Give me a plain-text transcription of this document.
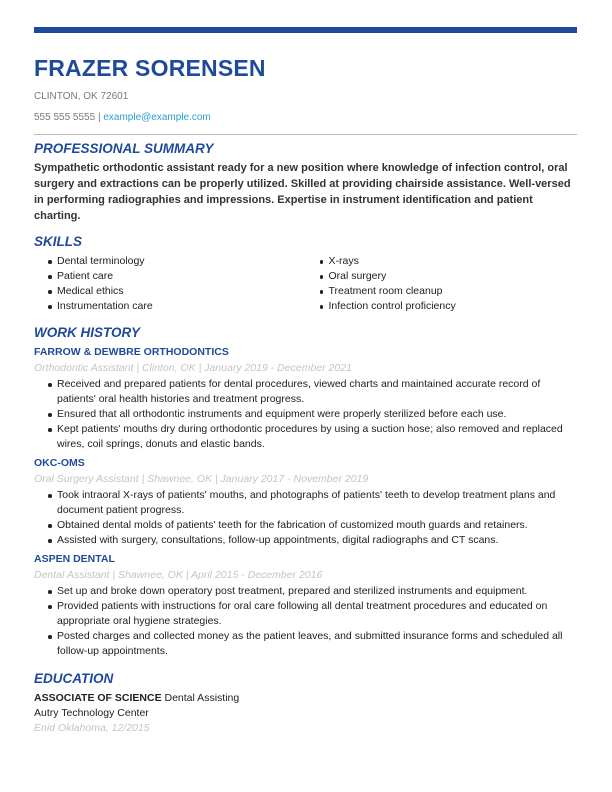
FRAZER SORENSEN
CLINTON, OK 72601
555 555 5555 | example@example.com
PROFESSIONAL SUMMARY
Sympathetic orthodontic assistant ready for a new position where knowledge of infection control, oral surgery and extractions can be properly utilized. Skilled at providing chairside assistance. Well-versed in performing radiographies and impressions. Expertise in instrument identification and patient charting.
SKILLS
Dental terminology
Patient care
Medical ethics
Instrumentation care
X-rays
Oral surgery
Treatment room cleanup
Infection control proficiency
WORK HISTORY
FARROW & DEWBRE ORTHODONTICS
Orthodontic Assistant | Clinton, OK | January 2019 - December 2021
Received and prepared patients for dental procedures, viewed charts and maintained accurate record of patients' oral health histories and treatment progress.
Ensured that all orthodontic instruments and equipment were properly sterilized before each use.
Kept patients' mouths dry during orthodontic procedures by using a suction hose; also removed and replaced wires, coil springs, donuts and elastic bands.
OKC-OMS
Oral Surgery Assistant | Shawnee, OK | January 2017 - November 2019
Took intraoral X-rays of patients' mouths, and photographs of patients' teeth to develop treatment plans and document patient progress.
Obtained dental molds of patients' teeth for the fabrication of customized mouth guards and retainers.
Assisted with surgery, consultations, follow-up appointments, digital radiographs and CT scans.
ASPEN DENTAL
Dental Assistant | Shawnee, OK | April 2015 - December 2016
Set up and broke down operatory post treatment, prepared and sterilized instruments and equipment.
Provided patients with instructions for oral care following all dental treatment procedures and educated on appropriate oral hygiene strategies.
Posted charges and collected money as the patient leaves, and submitted insurance forms and scheduled all follow-up appointments.
EDUCATION
ASSOCIATE OF SCIENCE Dental Assisting
Autry Technology Center
Enid Oklahoma, 12/2015
